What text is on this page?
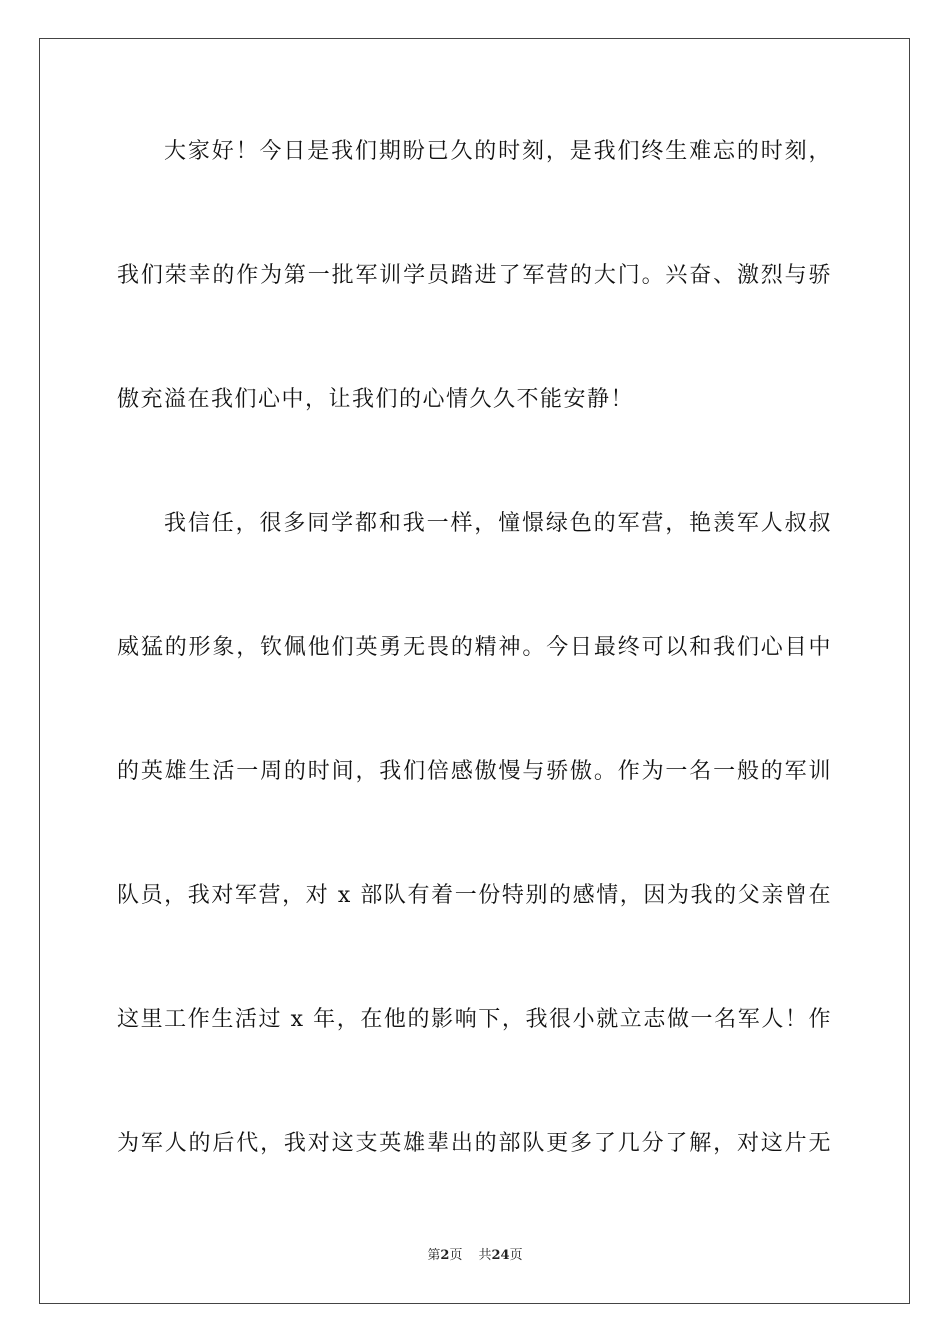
大家好！今日是我们期盼已久的时刻，是我们终生难忘的时刻，
我们荣幸的作为第一批军训学员踏进了军营的大门。兴奋、激烈与骄
傲充溢在我们心中，让我们的心情久久不能安静！
我信任，很多同学都和我一样，憧憬绿色的军营，艳羡军人叔叔
威猛的形象，钦佩他们英勇无畏的精神。今日最终可以和我们心目中
的英雄生活一周的时间，我们倍感傲慢与骄傲。作为一名一般的军训
队员，我对军营，对 x 部队有着一份特别的感情，因为我的父亲曾在
这里工作生活过 x 年，在他的影响下，我很小就立志做一名军人！作
为军人的后代，我对这支英雄辈出的部队更多了几分了解，对这片无
第2页 共24页
